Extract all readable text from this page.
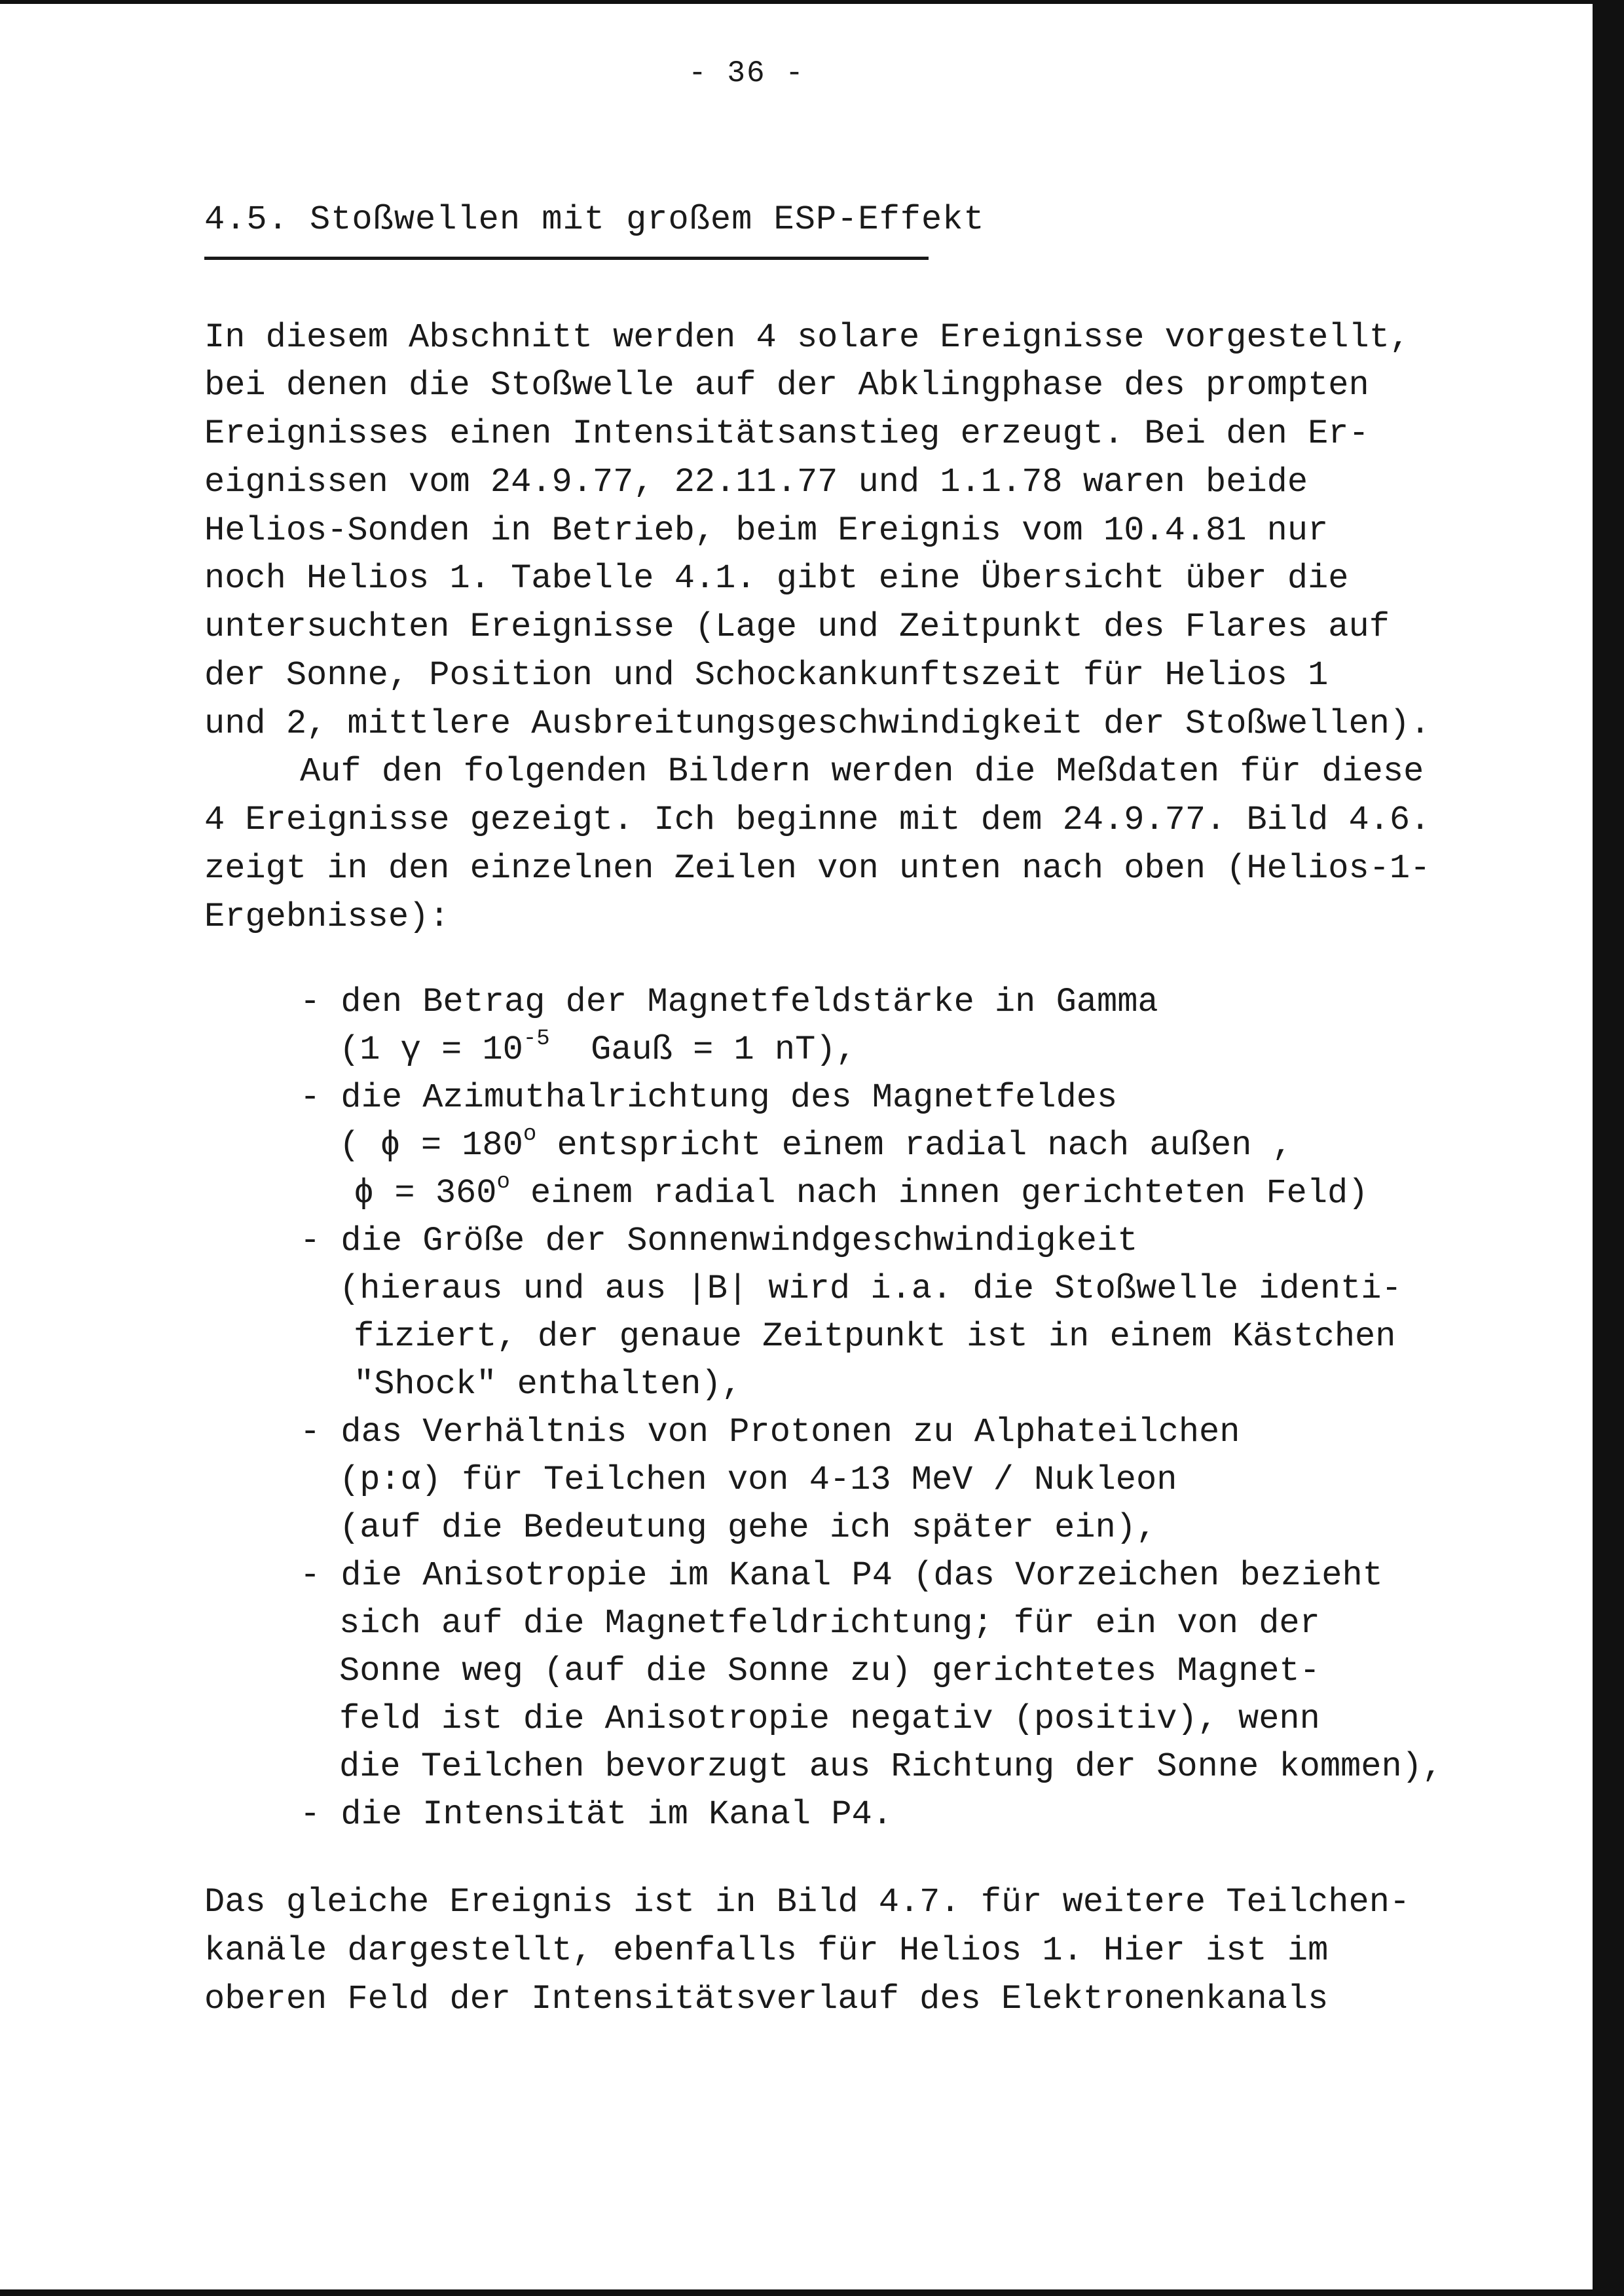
- 36 -
4.5. Stoßwellen mit großem ESP-Effekt
In diesem Abschnitt werden 4 solare Ereignisse vorgestellt,
bei denen die Stoßwelle auf der Abklingphase des prompten
Ereignisses einen Intensitätsanstieg erzeugt. Bei den Er-
eignissen vom 24.9.77, 22.11.77 und 1.1.78 waren beide
Helios-Sonden in Betrieb, beim Ereignis vom 10.4.81 nur
noch Helios 1. Tabelle 4.1. gibt eine Übersicht über die
untersuchten Ereignisse (Lage und Zeitpunkt des Flares auf
der Sonne, Position und Schockankunftszeit für Helios 1
und 2, mittlere Ausbreitungsgeschwindigkeit der Stoßwellen).
Auf den folgenden Bildern werden die Meßdaten für diese
4 Ereignisse gezeigt. Ich beginne mit dem 24.9.77. Bild 4.6.
zeigt in den einzelnen Zeilen von unten nach oben (Helios-1-
Ergebnisse):
- den Betrag der Magnetfeldstärke in Gamma
(1 $\gamma = 10^{-5}$  Gauß = 1 nT),
- die Azimuthalrichtung des Magnetfeldes
( $\phi = 180^o$ entspricht einem radial nach außen ,
$\phi = 360^o$ einem radial nach innen gerichteten Feld)
- die Größe der Sonnenwindgeschwindigkeit
(hieraus und aus |B| wird i.a. die Stoßwelle identi-
fiziert, der genaue Zeitpunkt ist in einem Kästchen
"Shock" enthalten),
- das Verhältnis von Protonen zu Alphateilchen
(p:α) für Teilchen von 4-13 MeV / Nukleon
(auf die Bedeutung gehe ich später ein),
- die Anisotropie im Kanal P4 (das Vorzeichen bezieht
sich auf die Magnetfeldrichtung; für ein von der
Sonne weg (auf die Sonne zu) gerichtetes Magnet-
feld ist die Anisotropie negativ (positiv), wenn
die Teilchen bevorzugt aus Richtung der Sonne kommen),
- die Intensität im Kanal P4.
Das gleiche Ereignis ist in Bild 4.7. für weitere Teilchen-
kanäle dargestellt, ebenfalls für Helios 1. Hier ist im
oberen Feld der Intensitätsverlauf des Elektronenkanals
